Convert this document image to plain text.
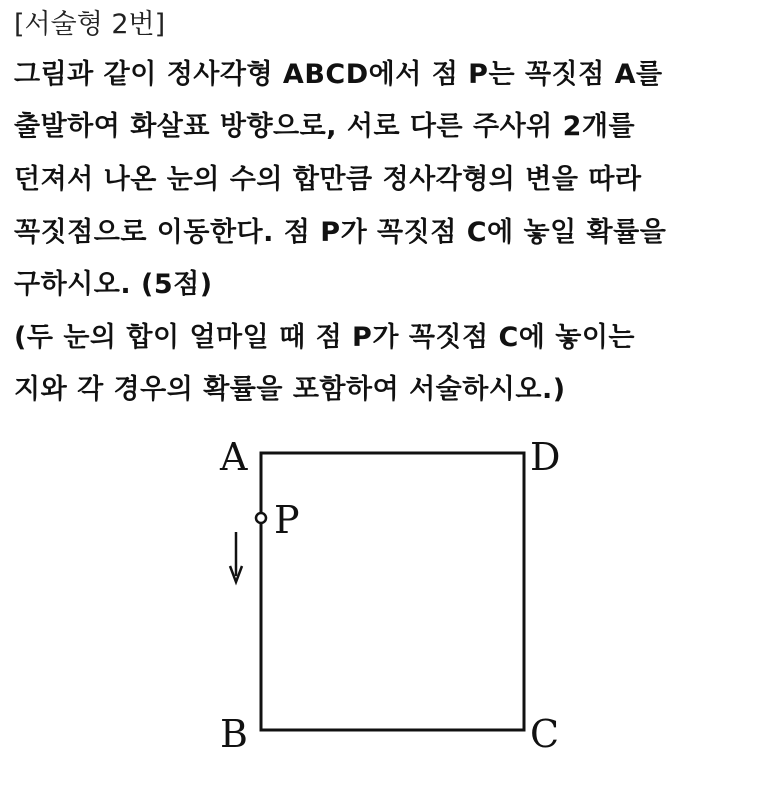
[서술형 2번]
그림과 같이 정사각형 ABCD에서 점 P는 꼭짓점 A를
출발하여 화살표 방향으로, 서로 다른 주사위 2개를
던져서 나온 눈의 수의 합만큼 정사각형의 변을 따라
꼭짓점으로 이동한다. 점 P가 꼭짓점 C에 놓일 확률을
구하시오. (5점)
(두 눈의 합이 얼마일 때 점 P가 꼭짓점 C에 놓이는
지와 각 경우의 확률을 포함하여 서술하시오.)
A	D
B	C
P
